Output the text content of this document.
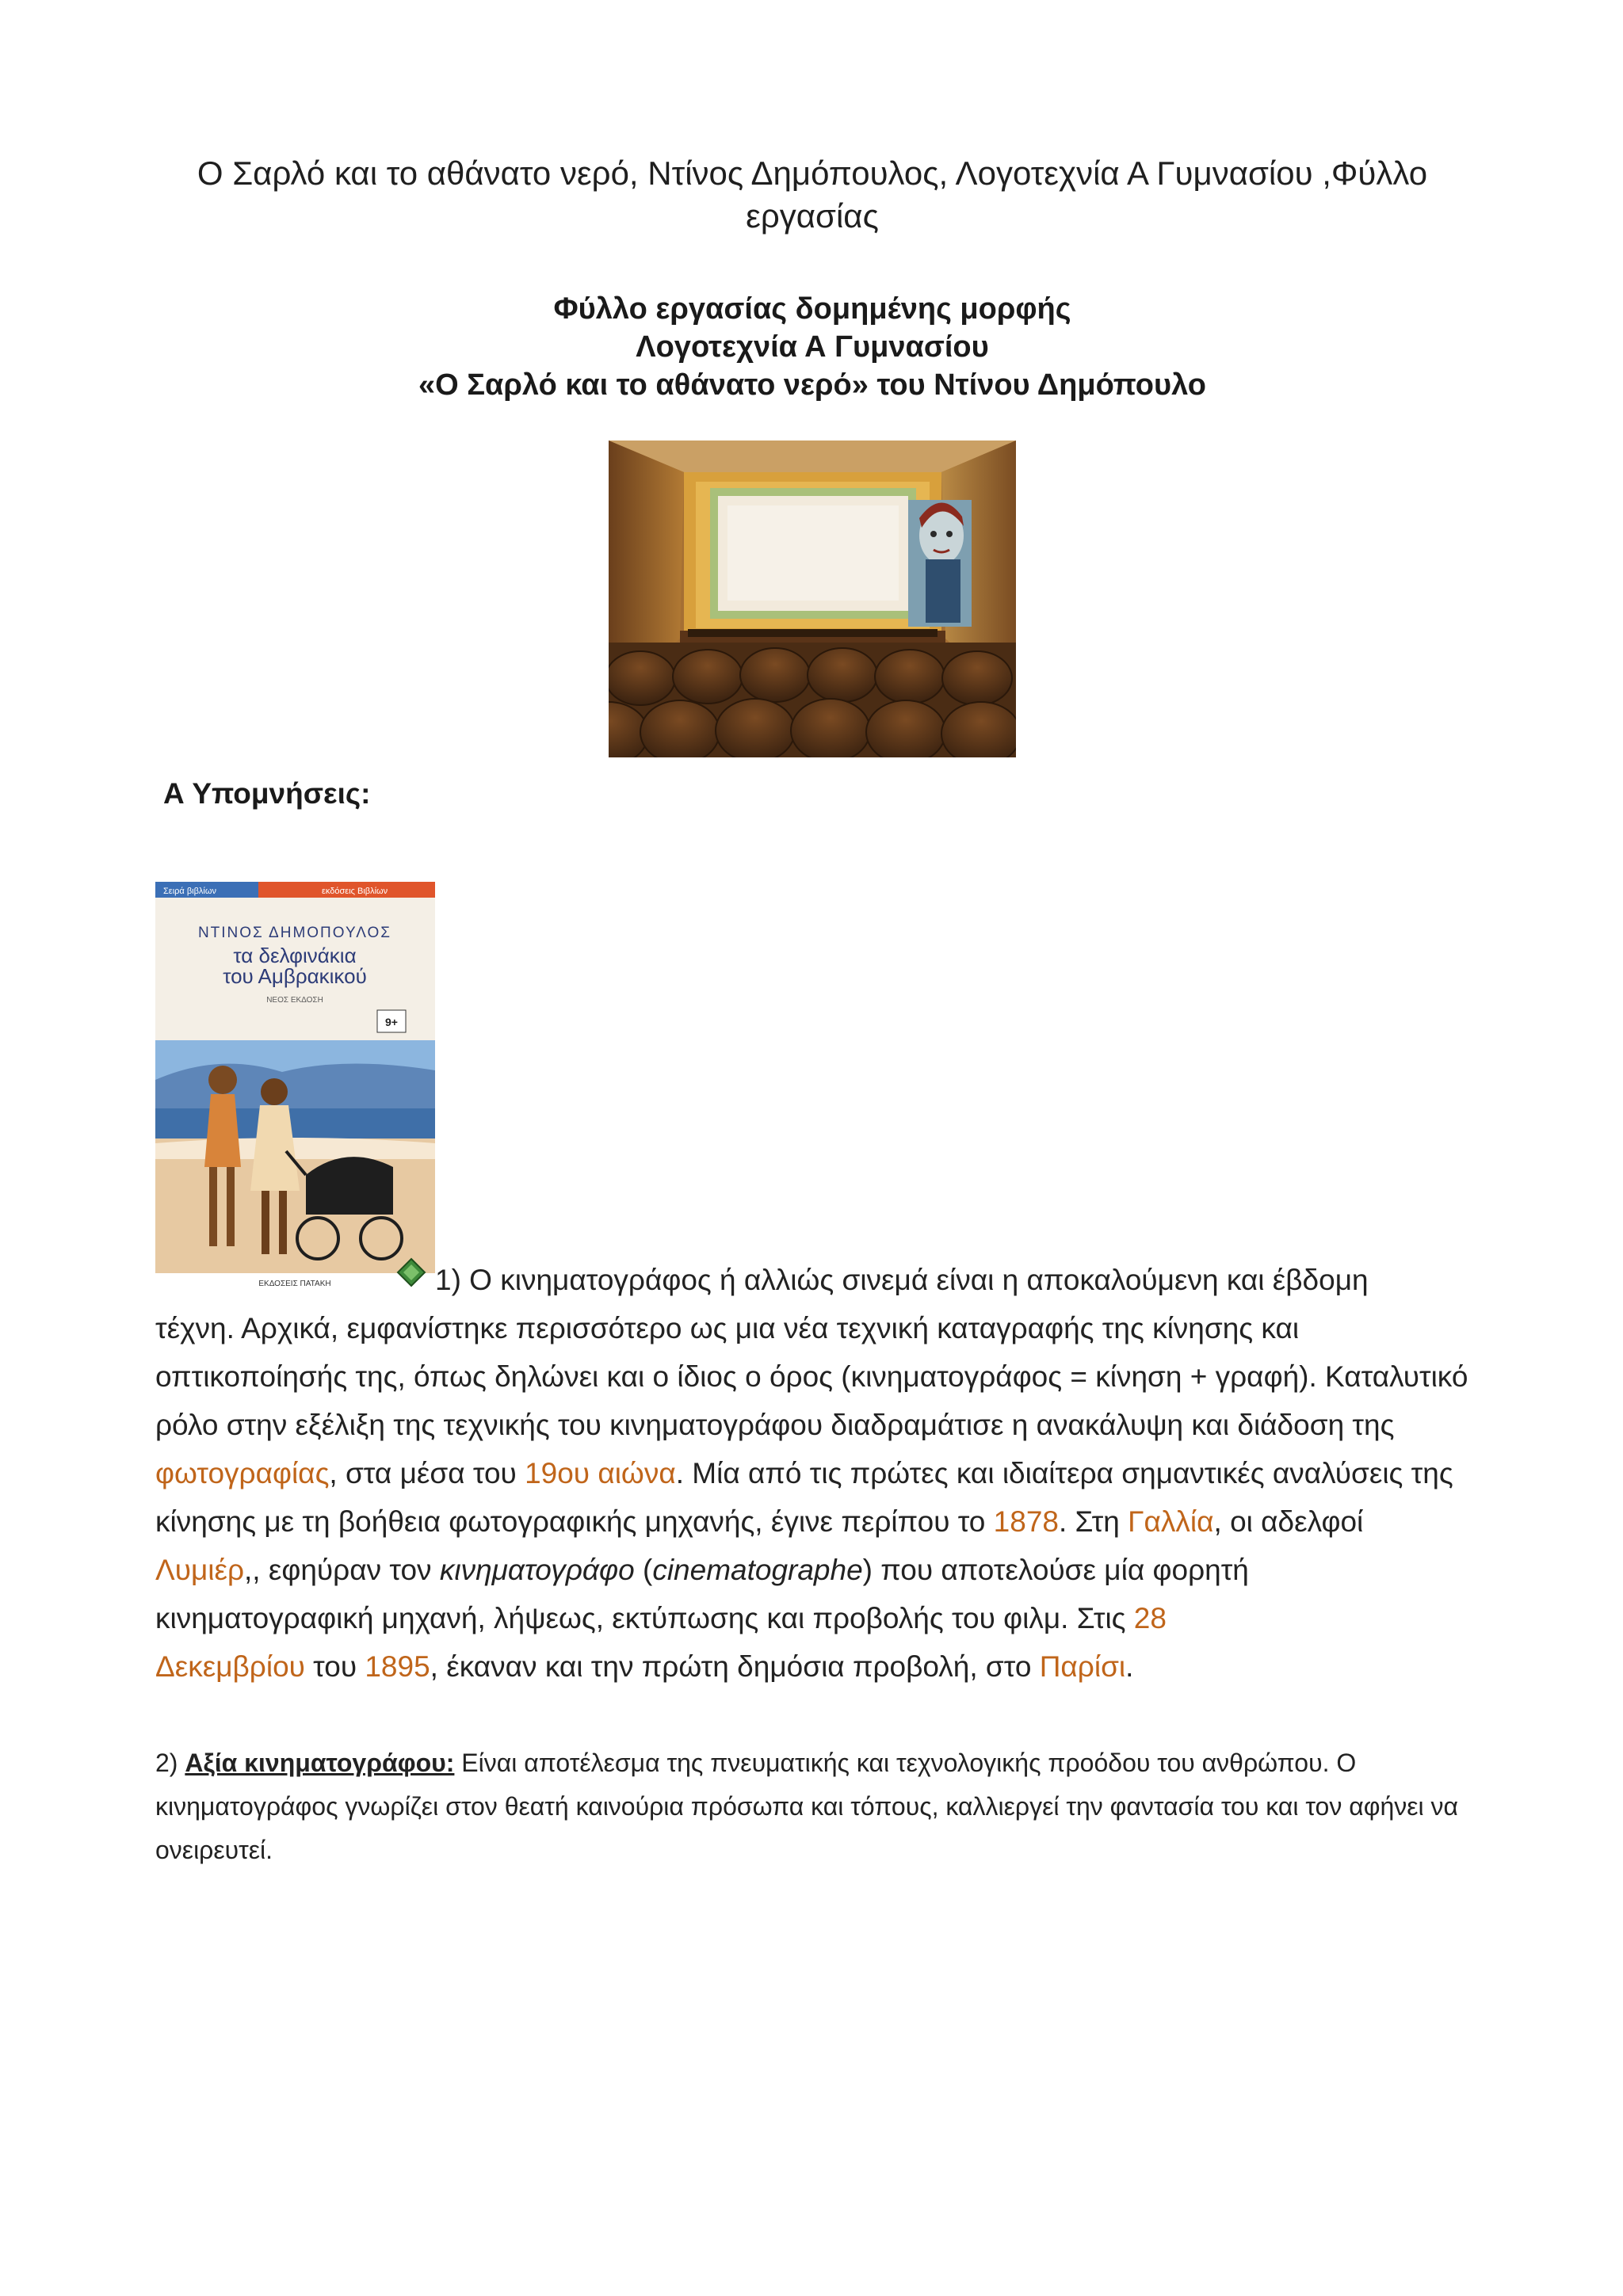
Ο Σαρλό και το αθάνατο νερό, Ντίνος Δημόπουλος, Λογοτεχνία Α Γυμνασίου ,Φύλλο εργασίας
Φύλλο εργασίας δομημένης μορφής
Λογοτεχνία Α Γυμνασίου
«Ο Σαρλό και το αθάνατο νερό» του Ντίνου Δημόπουλο
Α Υπομνήσεις:
Σειρά βιβλίων	εκδόσεις Βιβλίων
ΝΤΙΝΟΣ ΔΗΜΟΠΟΥΛΟΣ
τα δελφινάκια
του Αμβρακικού
ΝΕΟΣ ΕΚΔΟΣΗ
9+
ΕΚΔΟΣΕΙΣ ΠΑΤΑΚΗ	1) Ο κινηματογράφος ή αλλιώς σινεμά είναι η αποκαλούμενη και έβδομη
τέχνη. Αρχικά, εμφανίστηκε περισσότερο ως μια νέα τεχνική καταγραφής της κίνησης και οπτικοποίησής της, όπως δηλώνει και ο ίδιος ο όρος (κινηματογράφος = κίνηση + γραφή). Καταλυτικό ρόλο στην εξέλιξη της τεχνικής του κινηματογράφου διαδραμάτισε η ανακάλυψη και διάδοση της φωτογραφίας, στα μέσα του 19ου αιώνα. Μία από τις πρώτες και ιδιαίτερα σημαντικές αναλύσεις της κίνησης με τη βοήθεια φωτογραφικής μηχανής, έγινε περίπου το 1878. Στη Γαλλία, οι αδελφοί Λυμιέρ,, εφηύραν τον κινηματογράφο (cinematographe) που αποτελούσε μία φορητή κινηματογραφική μηχανή, λήψεως, εκτύπωσης και προβολής του φιλμ. Στις 28
Δεκεμβρίου του 1895, έκαναν και την πρώτη δημόσια προβολή, στο Παρίσι.
2) Αξία κινηματογράφου: Είναι αποτέλεσμα της πνευματικής και τεχνολογικής προόδου του ανθρώπου. Ο κινηματογράφος γνωρίζει στον θεατή καινούρια πρόσωπα και τόπους, καλλιεργεί την φαντασία του και τον αφήνει να ονειρευτεί.
